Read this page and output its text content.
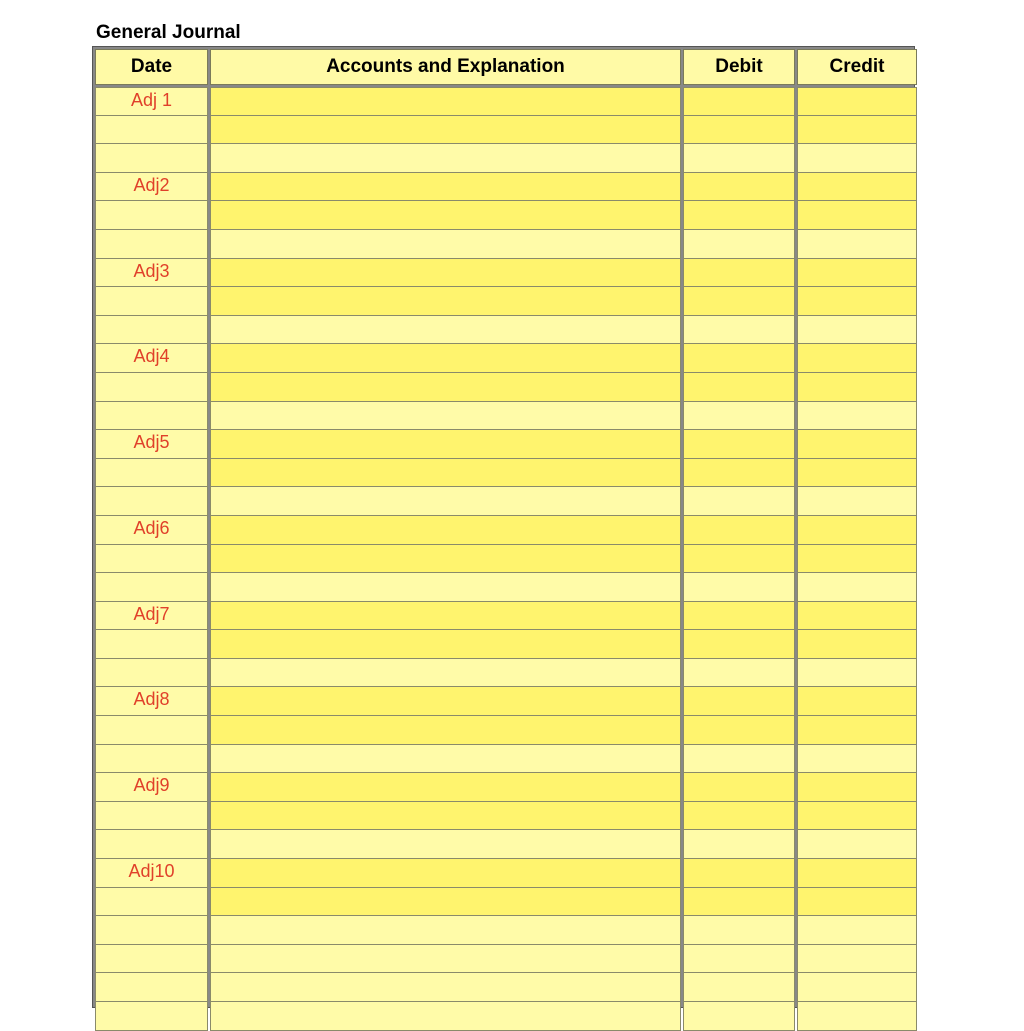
General Journal
Date
Adj 1
Adj2
Adj3
Adj4
Adj5
Adj6
Adj7
Adj8
Adj9
Adj10
Accounts and Explanation	Debit	Credit
